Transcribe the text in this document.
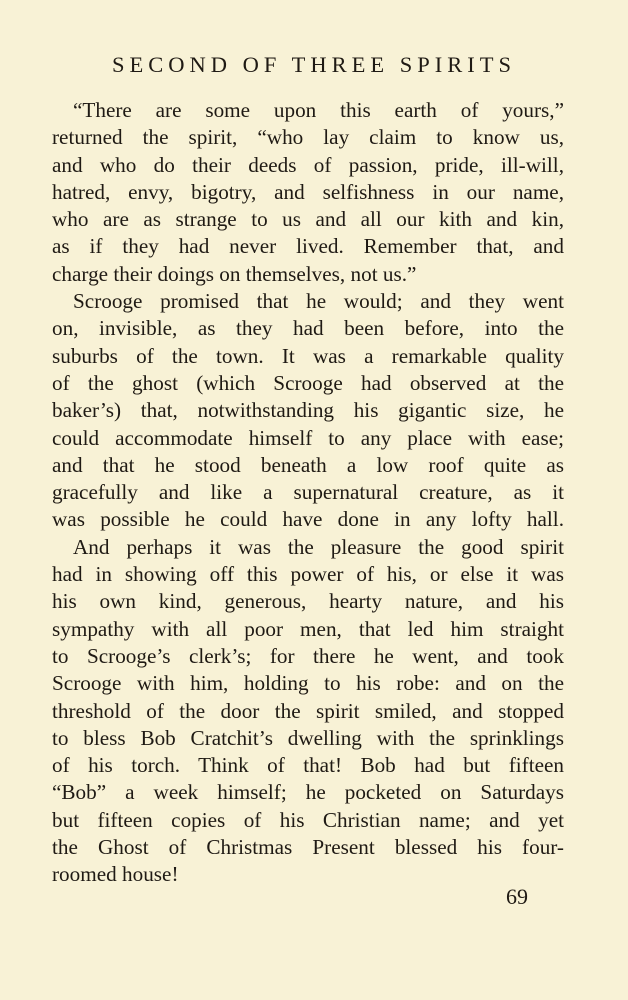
SECOND OF THREE SPIRITS
“There are some upon this earth of yours,”
returned the spirit, “who lay claim to know us,
and who do their deeds of passion, pride, ill-will,
hatred, envy, bigotry, and selfishness in our name,
who are as strange to us and all our kith and kin,
as if they had never lived. Remember that, and
charge their doings on themselves, not us.”
Scrooge promised that he would; and they went
on, invisible, as they had been before, into the
suburbs of the town. It was a remarkable quality
of the ghost (which Scrooge had observed at the
baker’s) that, notwithstanding his gigantic size, he
could accommodate himself to any place with ease;
and that he stood beneath a low roof quite as
gracefully and like a supernatural creature, as it
was possible he could have done in any lofty hall.
And perhaps it was the pleasure the good spirit
had in showing off this power of his, or else it was
his own kind, generous, hearty nature, and his
sympathy with all poor men, that led him straight
to Scrooge’s clerk’s; for there he went, and took
Scrooge with him, holding to his robe: and on the
threshold of the door the spirit smiled, and stopped
to bless Bob Cratchit’s dwelling with the sprinklings
of his torch. Think of that! Bob had but fifteen
“Bob” a week himself; he pocketed on Saturdays
but fifteen copies of his Christian name; and yet
the Ghost of Christmas Present blessed his four-
roomed house!
69
